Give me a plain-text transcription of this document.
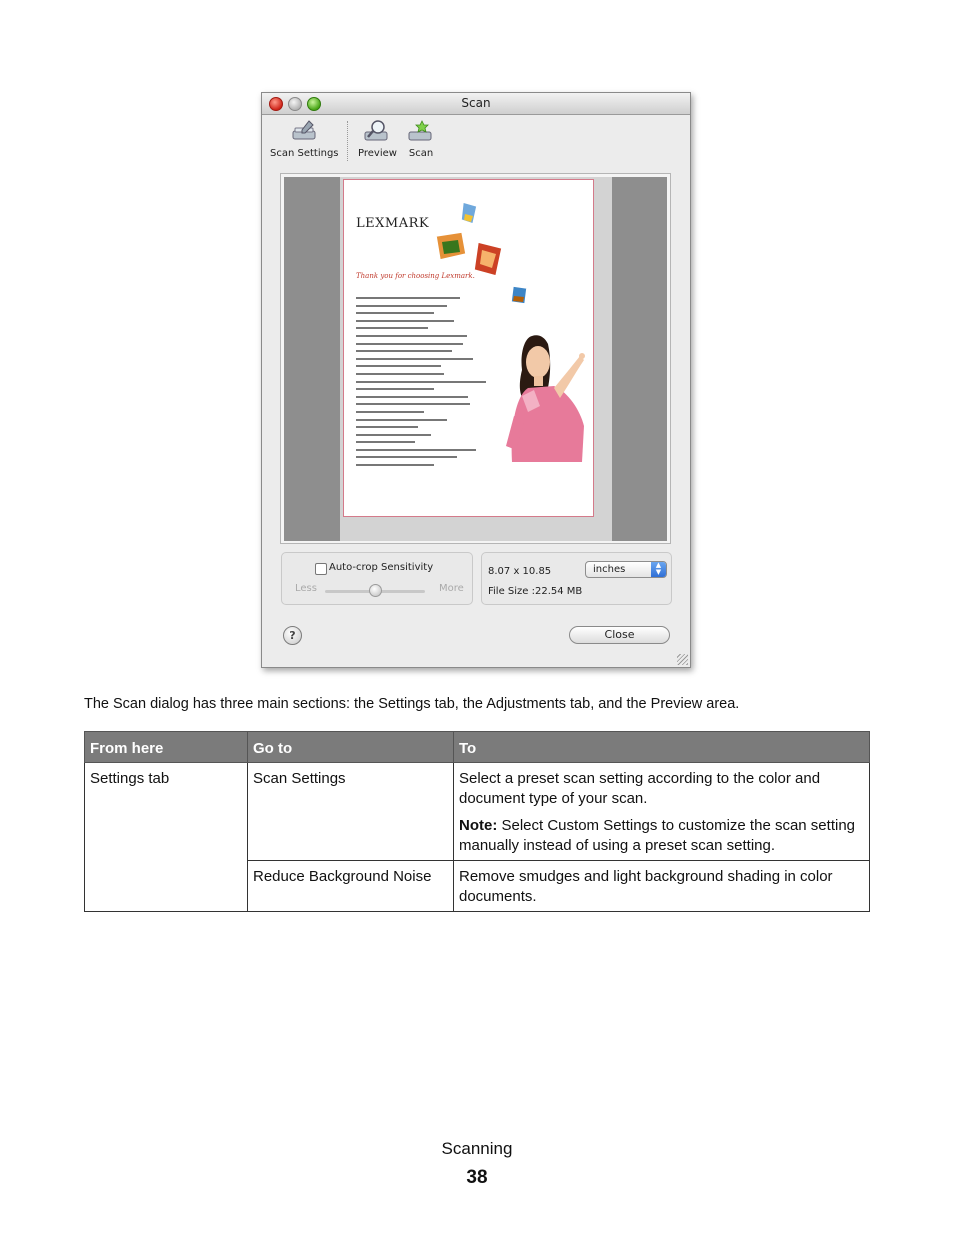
Scan
Scan Settings Preview Scan
LEXMARK
Thank you for choosing Lexmark.
Auto-crop Sensitivity
Less	More
8.07 x 10.85	inches	▲
▼
File Size :22.54 MB
?	Close

The Scan dialog has three main sections: the Settings tab, the Adjustments tab, and the Preview area.

From here	Go to	To
Settings tab	Scan Settings	Select a preset scan setting according to the color and document type of your scan.

Note: Select Custom Settings to customize the scan setting manually instead of using a preset scan setting.

	Reduce Background Noise	Remove smudges and light background shading in color documents.
Scanning
38
